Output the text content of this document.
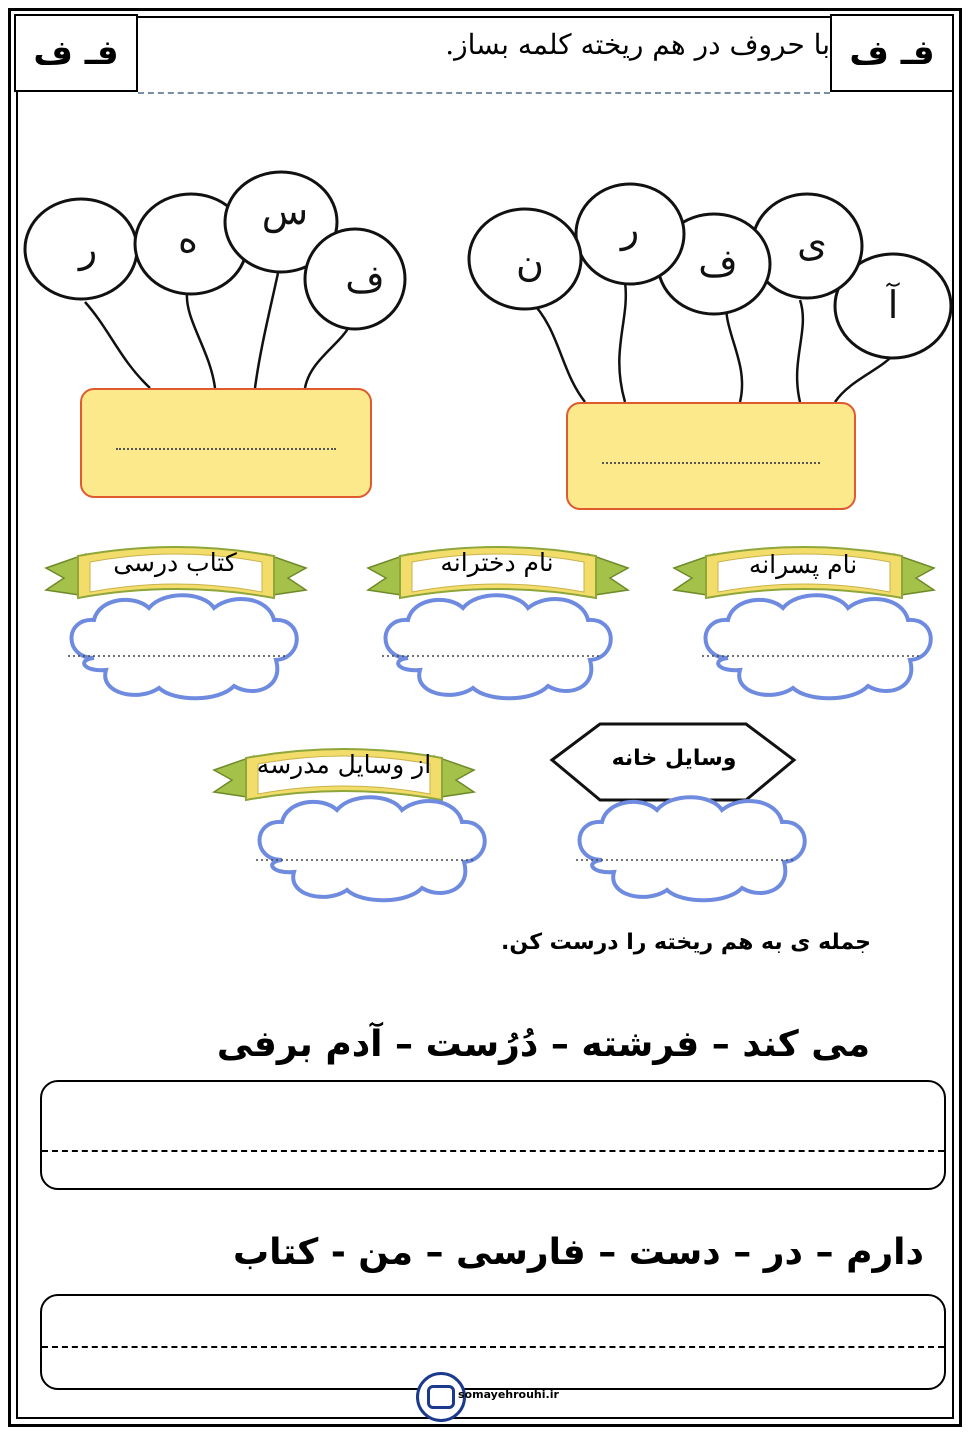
فـ ف	فـ ف
با حروف در هم ریخته کلمه بساز.
آ
ی
ف
ر
ن
ف
س
ه
ر
کتاب درسی	نام دخترانه	نام پسرانه
از وسایل مدرسه	وسایل خانه
جمله ی به هم ریخته را درست کن.
می کند – فرشته – دُرُست – آدم برفی
دارم – در – دست – فارسی – من - کتاب
somayehrouhi.ir
